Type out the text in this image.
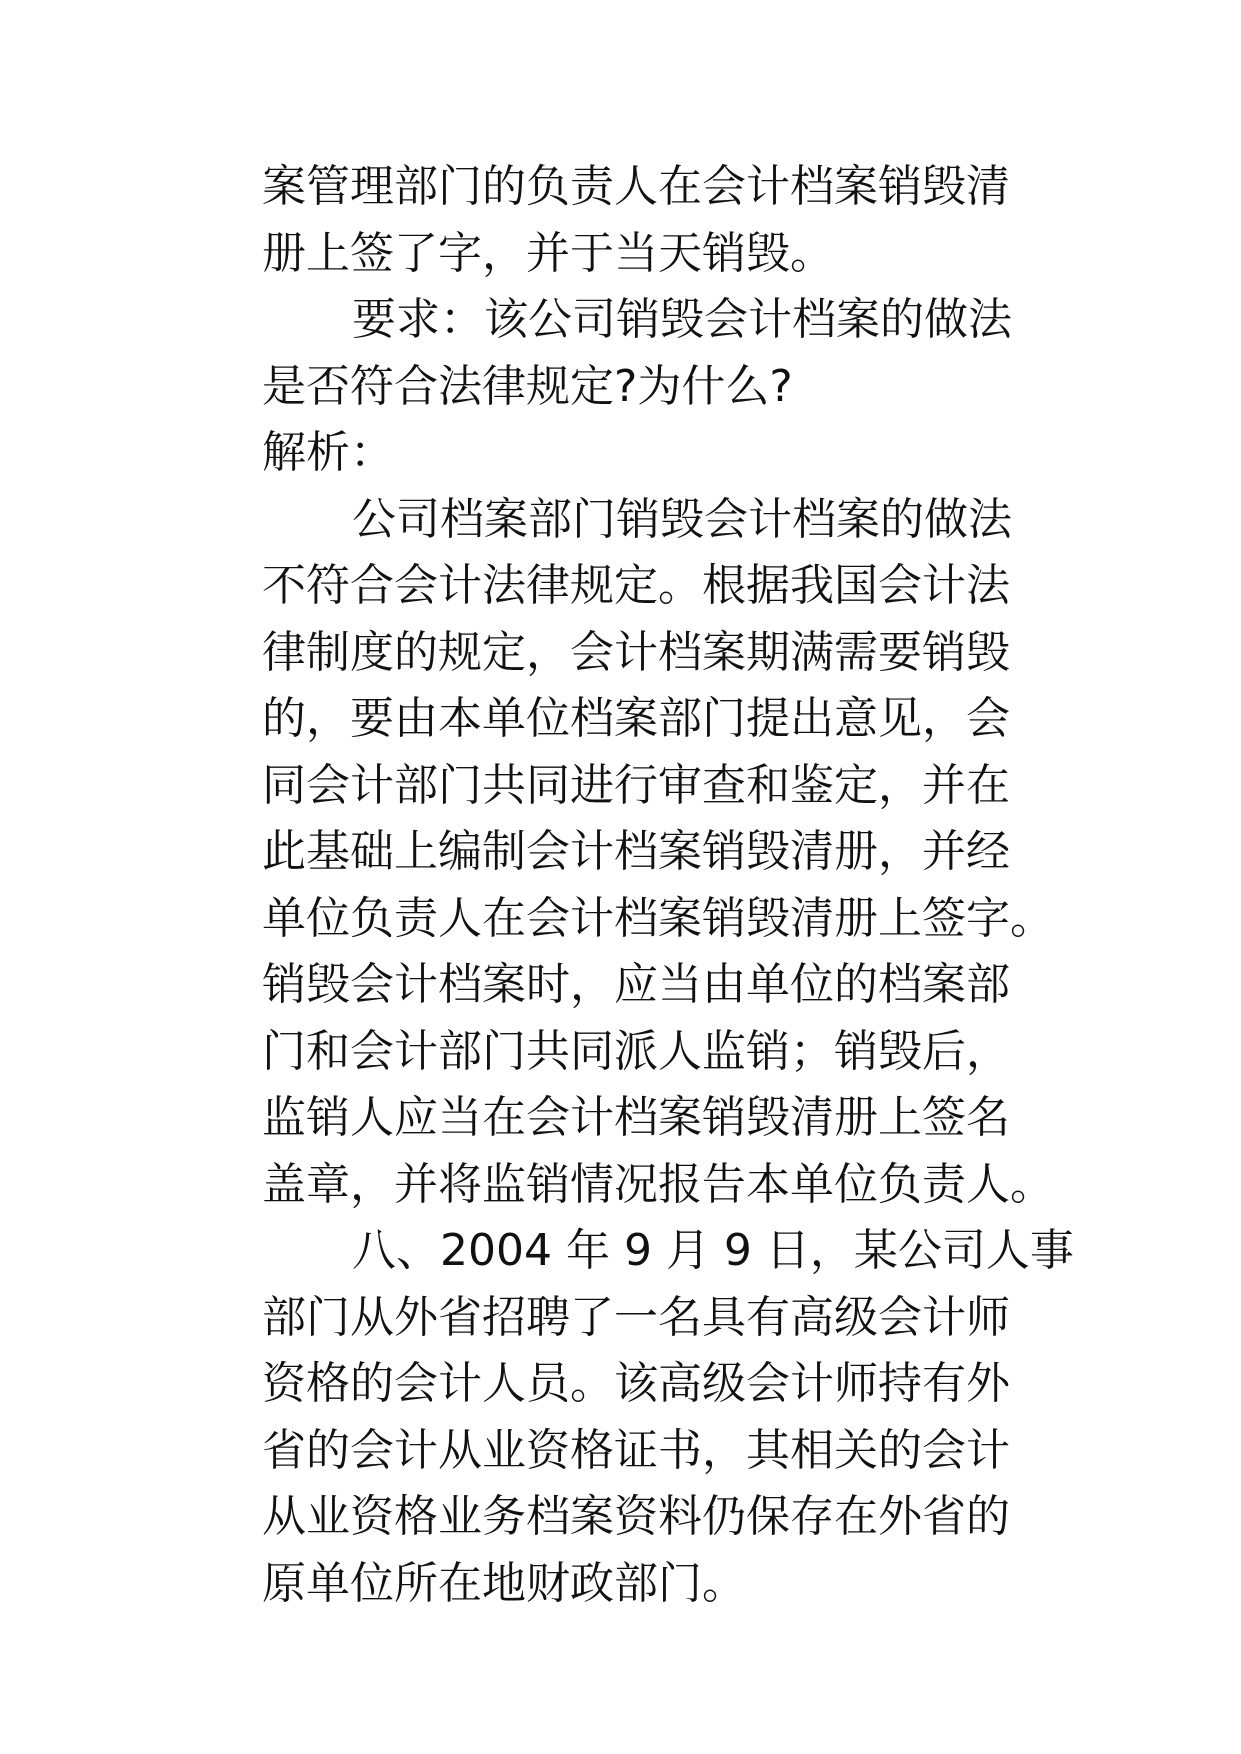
案管理部门的负责人在会计档案销毁清
册上签了字，并于当天销毁。
要求：该公司销毁会计档案的做法
是否符合法律规定?为什么?
解析：
公司档案部门销毁会计档案的做法
不符合会计法律规定。根据我国会计法
律制度的规定，会计档案期满需要销毁
的，要由本单位档案部门提出意见，会
同会计部门共同进行审查和鉴定，并在
此基础上编制会计档案销毁清册，并经
单位负责人在会计档案销毁清册上签字。
销毁会计档案时，应当由单位的档案部
门和会计部门共同派人监销；销毁后，
监销人应当在会计档案销毁清册上签名
盖章，并将监销情况报告本单位负责人。
八、2004 年 9 月 9 日，某公司人事
部门从外省招聘了一名具有高级会计师
资格的会计人员。该高级会计师持有外
省的会计从业资格证书，其相关的会计
从业资格业务档案资料仍保存在外省的
原单位所在地财政部门。
